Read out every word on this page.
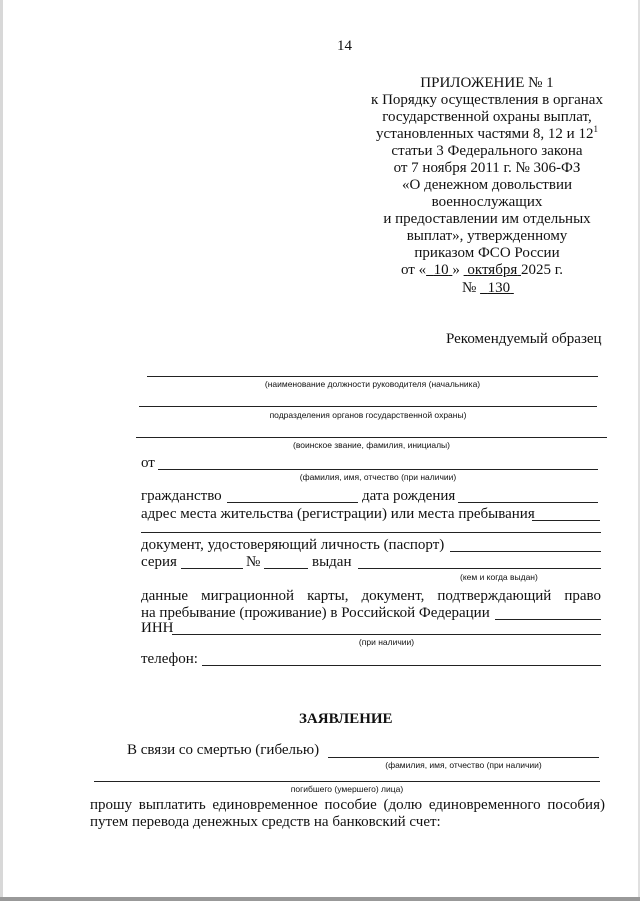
14
ПРИЛОЖЕНИЕ № 1
к Порядку осуществления в органах
государственной охраны выплат,
установленных частями 8, 12 и $12^1$
статьи 3 Федерального закона
от 7 ноября 2011 г. № 306-ФЗ
«О денежном довольствии
военнослужащих
и предоставлении им отдельных
выплат», утвержденному
приказом ФСО России
от « 10 »  октября 2025 г.
№   130
Рекомендуемый образец
(наименование должности руководителя (начальника)
подразделения органов государственной охраны)
(воинское звание, фамилия, инициалы)
от
(фамилия, имя, отчество (при наличии)
гражданство	дата рождения
адрес места жительства (регистрации) или места пребывания
документ, удостоверяющий личность (паспорт)
серия	№	выдан
(кем и когда выдан)
данные миграционной карты, документ, подтверждающий право
на пребывание (проживание) в Российской Федерации
ИНН
(при наличии)
телефон:
ЗАЯВЛЕНИЕ
В связи со смертью (гибелью)
(фамилия, имя, отчество (при наличии)
погибшего (умершего) лица)
прошу выплатить единовременное пособие (долю единовременного пособия)
путем перевода денежных средств на банковский счет:
